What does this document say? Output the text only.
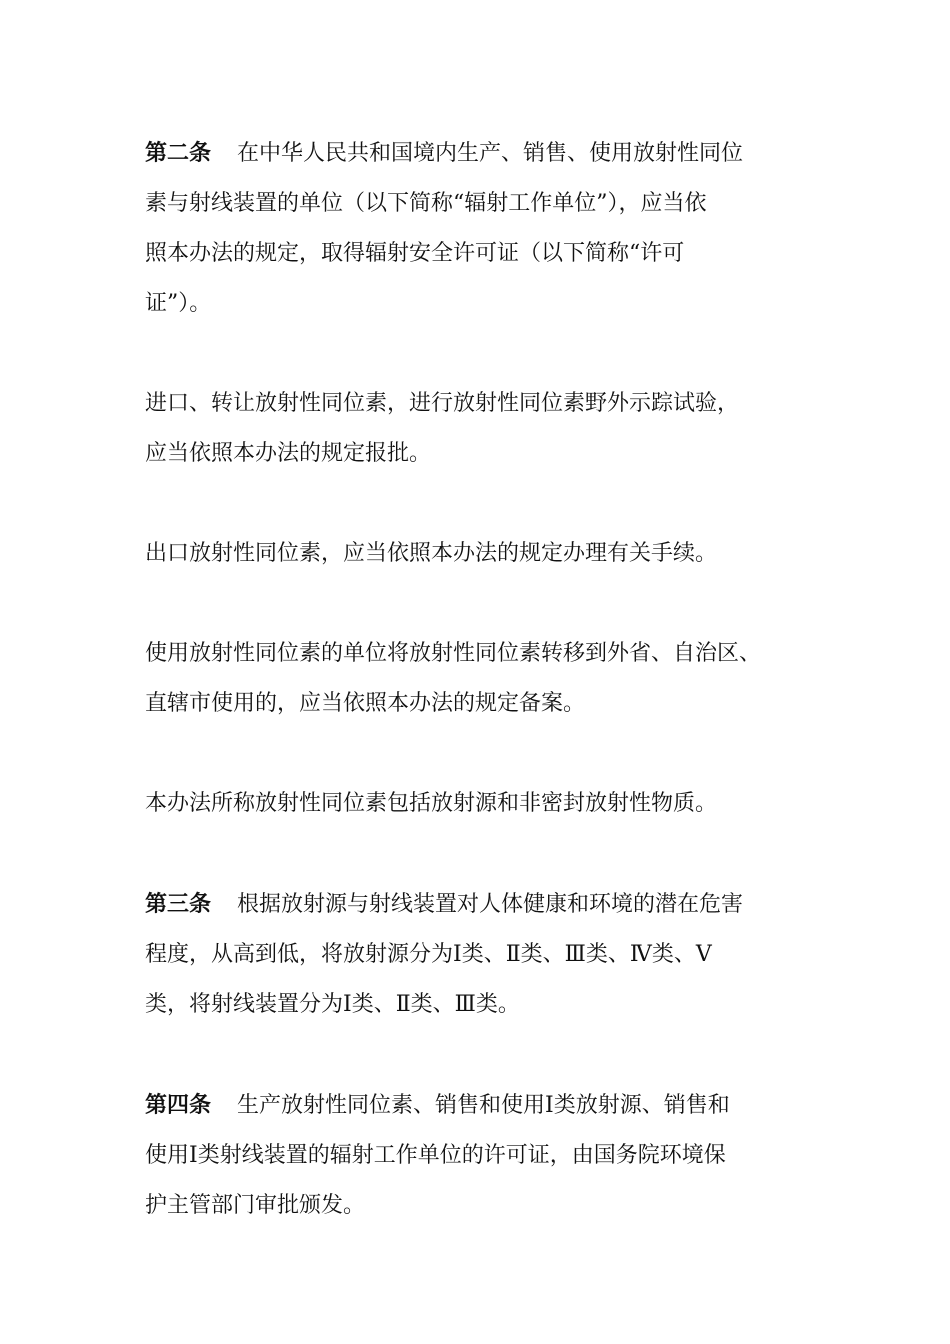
第二条 在中华人民共和国境内生产、销售、使用放射性同位
素与射线装置的单位（以下简称“辐射工作单位”），应当依
照本办法的规定，取得辐射安全许可证（以下简称“许可
证”）。

进口、转让放射性同位素，进行放射性同位素野外示踪试验，
应当依照本办法的规定报批。

出口放射性同位素，应当依照本办法的规定办理有关手续。

使用放射性同位素的单位将放射性同位素转移到外省、自治区、
直辖市使用的，应当依照本办法的规定备案。

本办法所称放射性同位素包括放射源和非密封放射性物质。

第三条 根据放射源与射线装置对人体健康和环境的潜在危害
程度，从高到低，将放射源分为Ⅰ类、Ⅱ类、Ⅲ类、Ⅳ类、Ⅴ
类，将射线装置分为Ⅰ类、Ⅱ类、Ⅲ类。

第四条 生产放射性同位素、销售和使用Ⅰ类放射源、销售和
使用Ⅰ类射线装置的辐射工作单位的许可证，由国务院环境保
护主管部门审批颁发。
